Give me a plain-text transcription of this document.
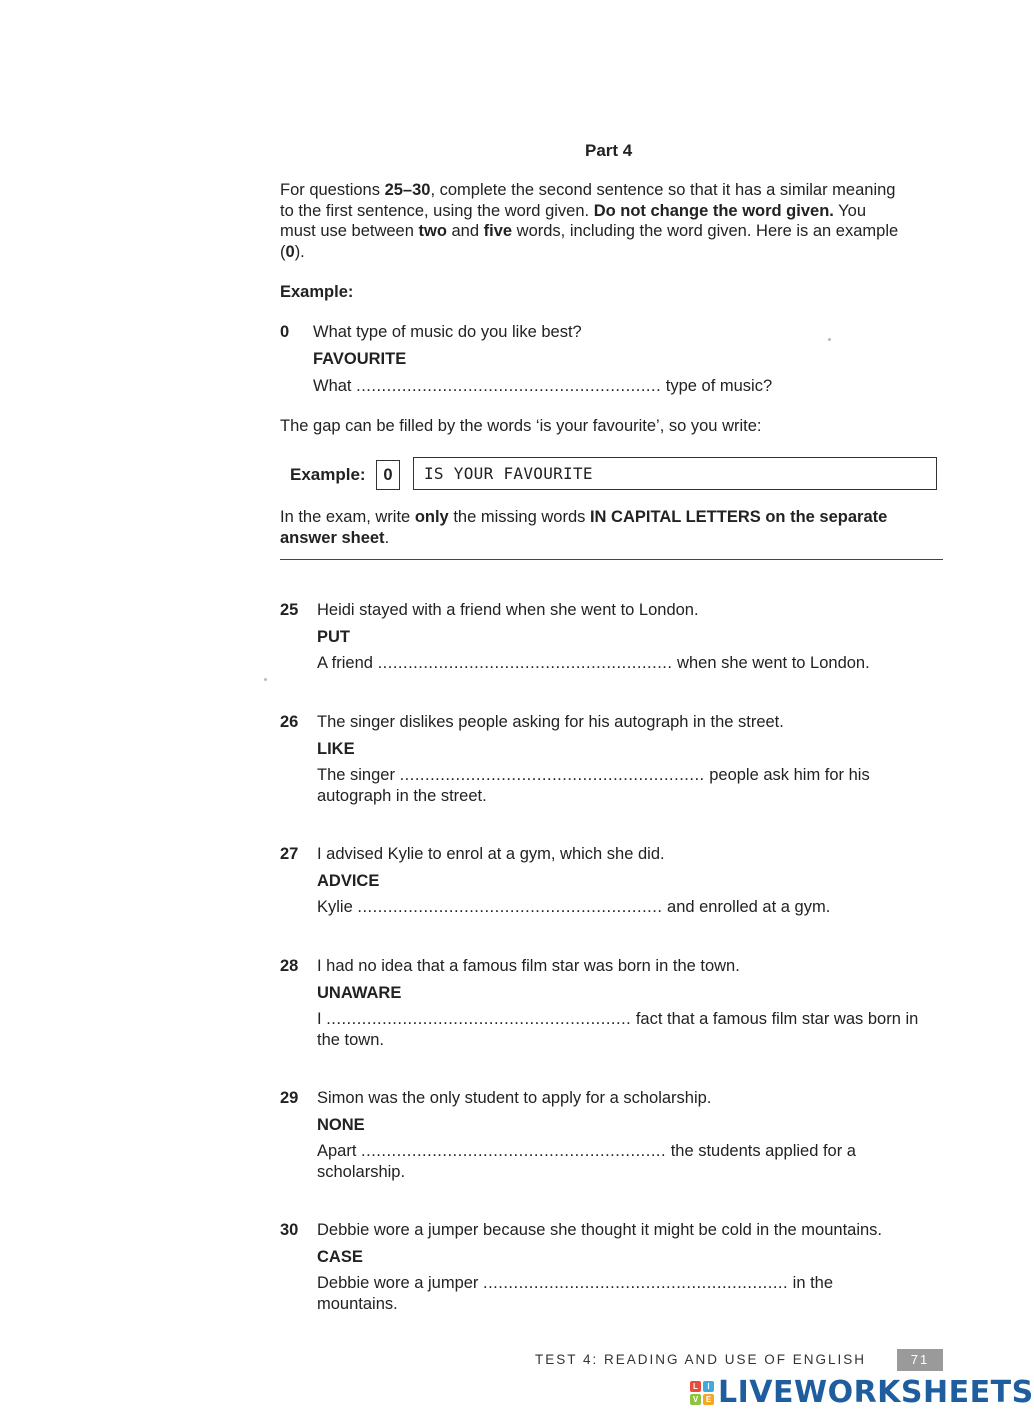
Part 4
For questions 25–30, complete the second sentence so that it has a similar meaning to the first sentence, using the word given. Do not change the word given. You must use between two and five words, including the word given. Here is an example (0).
Example:
0 What type of music do you like best?
FAVOURITE
What ............................................................ type of music?
The gap can be filled by the words ‘is your favourite’, so you write:
Example:	0	IS YOUR FAVOURITE
In the exam, write only the missing words IN CAPITAL LETTERS on the separate answer sheet.
25 Heidi stayed with a friend when she went to London.
PUT
A friend .......................................................... when she went to London.
26 The singer dislikes people asking for his autograph in the street.
LIKE
The singer ............................................................ people ask him for his autograph in the street.
27 I advised Kylie to enrol at a gym, which she did.
ADVICE
Kylie ............................................................ and enrolled at a gym.
28 I had no idea that a famous film star was born in the town.
UNAWARE
I ............................................................ fact that a famous film star was born in the town.
29 Simon was the only student to apply for a scholarship.
NONE
Apart ............................................................ the students applied for a scholarship.
30 Debbie wore a jumper because she thought it might be cold in the mountains.
CASE
Debbie wore a jumper ............................................................ in the mountains.
TEST 4: READING AND USE OF ENGLISH	71
L	I
V E LIVEWORKSHEETS
